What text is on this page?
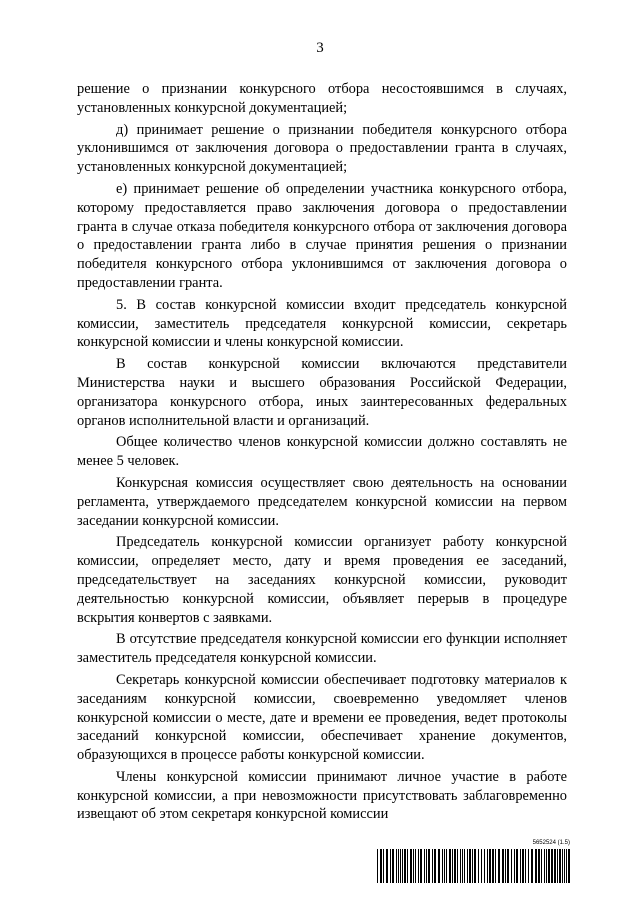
3

решение о признании конкурсного отбора несостоявшимся в случаях, установленных конкурсной документацией;

д) принимает решение о признании победителя конкурсного отбора уклонившимся от заключения договора о предоставлении гранта в случаях, установленных конкурсной документацией;

е) принимает решение об определении участника конкурсного отбора, которому предоставляется право заключения договора о предоставлении гранта в случае отказа победителя конкурсного отбора от заключения договора о предоставлении гранта либо в случае принятия решения о признании победителя конкурсного отбора уклонившимся от заключения договора о предоставлении гранта.

5. В состав конкурсной комиссии входит председатель конкурсной комиссии, заместитель председателя конкурсной комиссии, секретарь конкурсной комиссии и члены конкурсной комиссии.

В состав конкурсной комиссии включаются представители Министерства науки и высшего образования Российской Федерации, организатора конкурсного отбора, иных заинтересованных федеральных органов исполнительной власти и организаций.

Общее количество членов конкурсной комиссии должно составлять не менее 5 человек.

Конкурсная комиссия осуществляет свою деятельность на основании регламента, утверждаемого председателем конкурсной комиссии на первом заседании конкурсной комиссии.

Председатель конкурсной комиссии организует работу конкурсной комиссии, определяет место, дату и время проведения ее заседаний, председательствует на заседаниях конкурсной комиссии, руководит деятельностью конкурсной комиссии, объявляет перерыв в процедуре вскрытия конвертов с заявками.

В отсутствие председателя конкурсной комиссии его функции исполняет заместитель председателя конкурсной комиссии.

Секретарь конкурсной комиссии обеспечивает подготовку материалов к заседаниям конкурсной комиссии, своевременно уведомляет членов конкурсной комиссии о месте, дате и времени ее проведения, ведет протоколы заседаний конкурсной комиссии, обеспечивает хранение документов, образующихся в процессе работы конкурсной комиссии.

Члены конкурсной комиссии принимают личное участие в работе конкурсной комиссии, а при невозможности присутствовать заблаговременно извещают об этом секретаря конкурсной комиссии

5652524 (1.5)
